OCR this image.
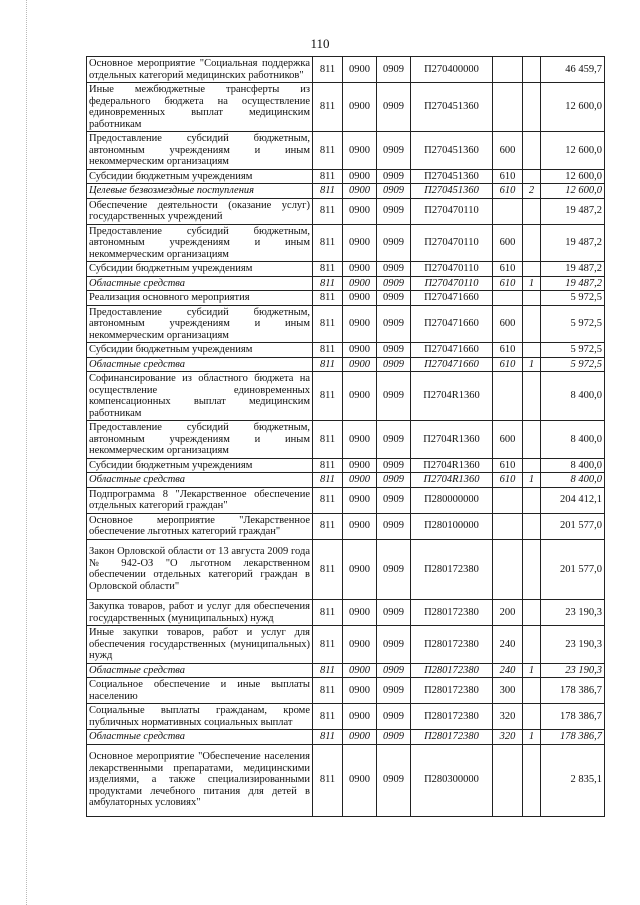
110
Основное мероприятие "Социальная поддержка отдельных категорий медицинских работников"	811	0900	0909	П270400000			46 459,7
Иные межбюджетные трансферты из федерального бюджета на осуществление единовременных выплат медицинским работникам	811	0900	0909	П270451360			12 600,0
Предоставление субсидий бюджетным, автономным учреждениям и иным некоммерческим организациям	811	0900	0909	П270451360	600		12 600,0
Субсидии бюджетным учреждениям	811	0900	0909	П270451360	610		12 600,0
Целевые безвозмездные поступления	811	0900	0909	П270451360	610	2	12 600,0
Обеспечение деятельности (оказание услуг) государственных учреждений	811	0900	0909	П270470110			19 487,2
Предоставление субсидий бюджетным, автономным учреждениям и иным некоммерческим организациям	811	0900	0909	П270470110	600		19 487,2
Субсидии бюджетным учреждениям	811	0900	0909	П270470110	610		19 487,2
Областные средства	811	0900	0909	П270470110	610	1	19 487,2
Реализация основного мероприятия	811	0900	0909	П270471660			5 972,5
Предоставление субсидий бюджетным, автономным учреждениям и иным некоммерческим организациям	811	0900	0909	П270471660	600		5 972,5
Субсидии бюджетным учреждениям	811	0900	0909	П270471660	610		5 972,5
Областные средства	811	0900	0909	П270471660	610	1	5 972,5
Софинансирование из областного бюджета на осуществление единовременных компенсационных выплат медицинским работникам	811	0900	0909	П2704R1360			8 400,0
Предоставление субсидий бюджетным, автономным учреждениям и иным некоммерческим организациям	811	0900	0909	П2704R1360	600		8 400,0
Субсидии бюджетным учреждениям	811	0900	0909	П2704R1360	610		8 400,0
Областные средства	811	0900	0909	П2704R1360	610	1	8 400,0
Подпрограмма 8 "Лекарственное обеспечение отдельных категорий граждан"	811	0900	0909	П280000000			204 412,1
Основное мероприятие "Лекарственное обеспечение льготных категорий граждан"	811	0900	0909	П280100000			201 577,0
Закон Орловской области от 13 августа 2009 года № 942-ОЗ "О льготном лекарственном обеспечении отдельных категорий граждан в Орловской области"	811	0900	0909	П280172380			201 577,0
Закупка товаров, работ и услуг для обеспечения государственных (муниципальных) нужд	811	0900	0909	П280172380	200		23 190,3
Иные закупки товаров, работ и услуг для обеспечения государственных (муниципальных) нужд	811	0900	0909	П280172380	240		23 190,3
Областные средства	811	0900	0909	П280172380	240	1	23 190,3
Социальное обеспечение и иные выплаты населению	811	0900	0909	П280172380	300		178 386,7
Социальные выплаты гражданам, кроме публичных нормативных социальных выплат	811	0900	0909	П280172380	320		178 386,7
Областные средства	811	0900	0909	П280172380	320	1	178 386,7
Основное мероприятие "Обеспечение населения лекарственными препаратами, медицинскими изделиями, а также специализированными продуктами лечебного питания для детей в амбулаторных условиях"	811	0900	0909	П280300000			2 835,1
